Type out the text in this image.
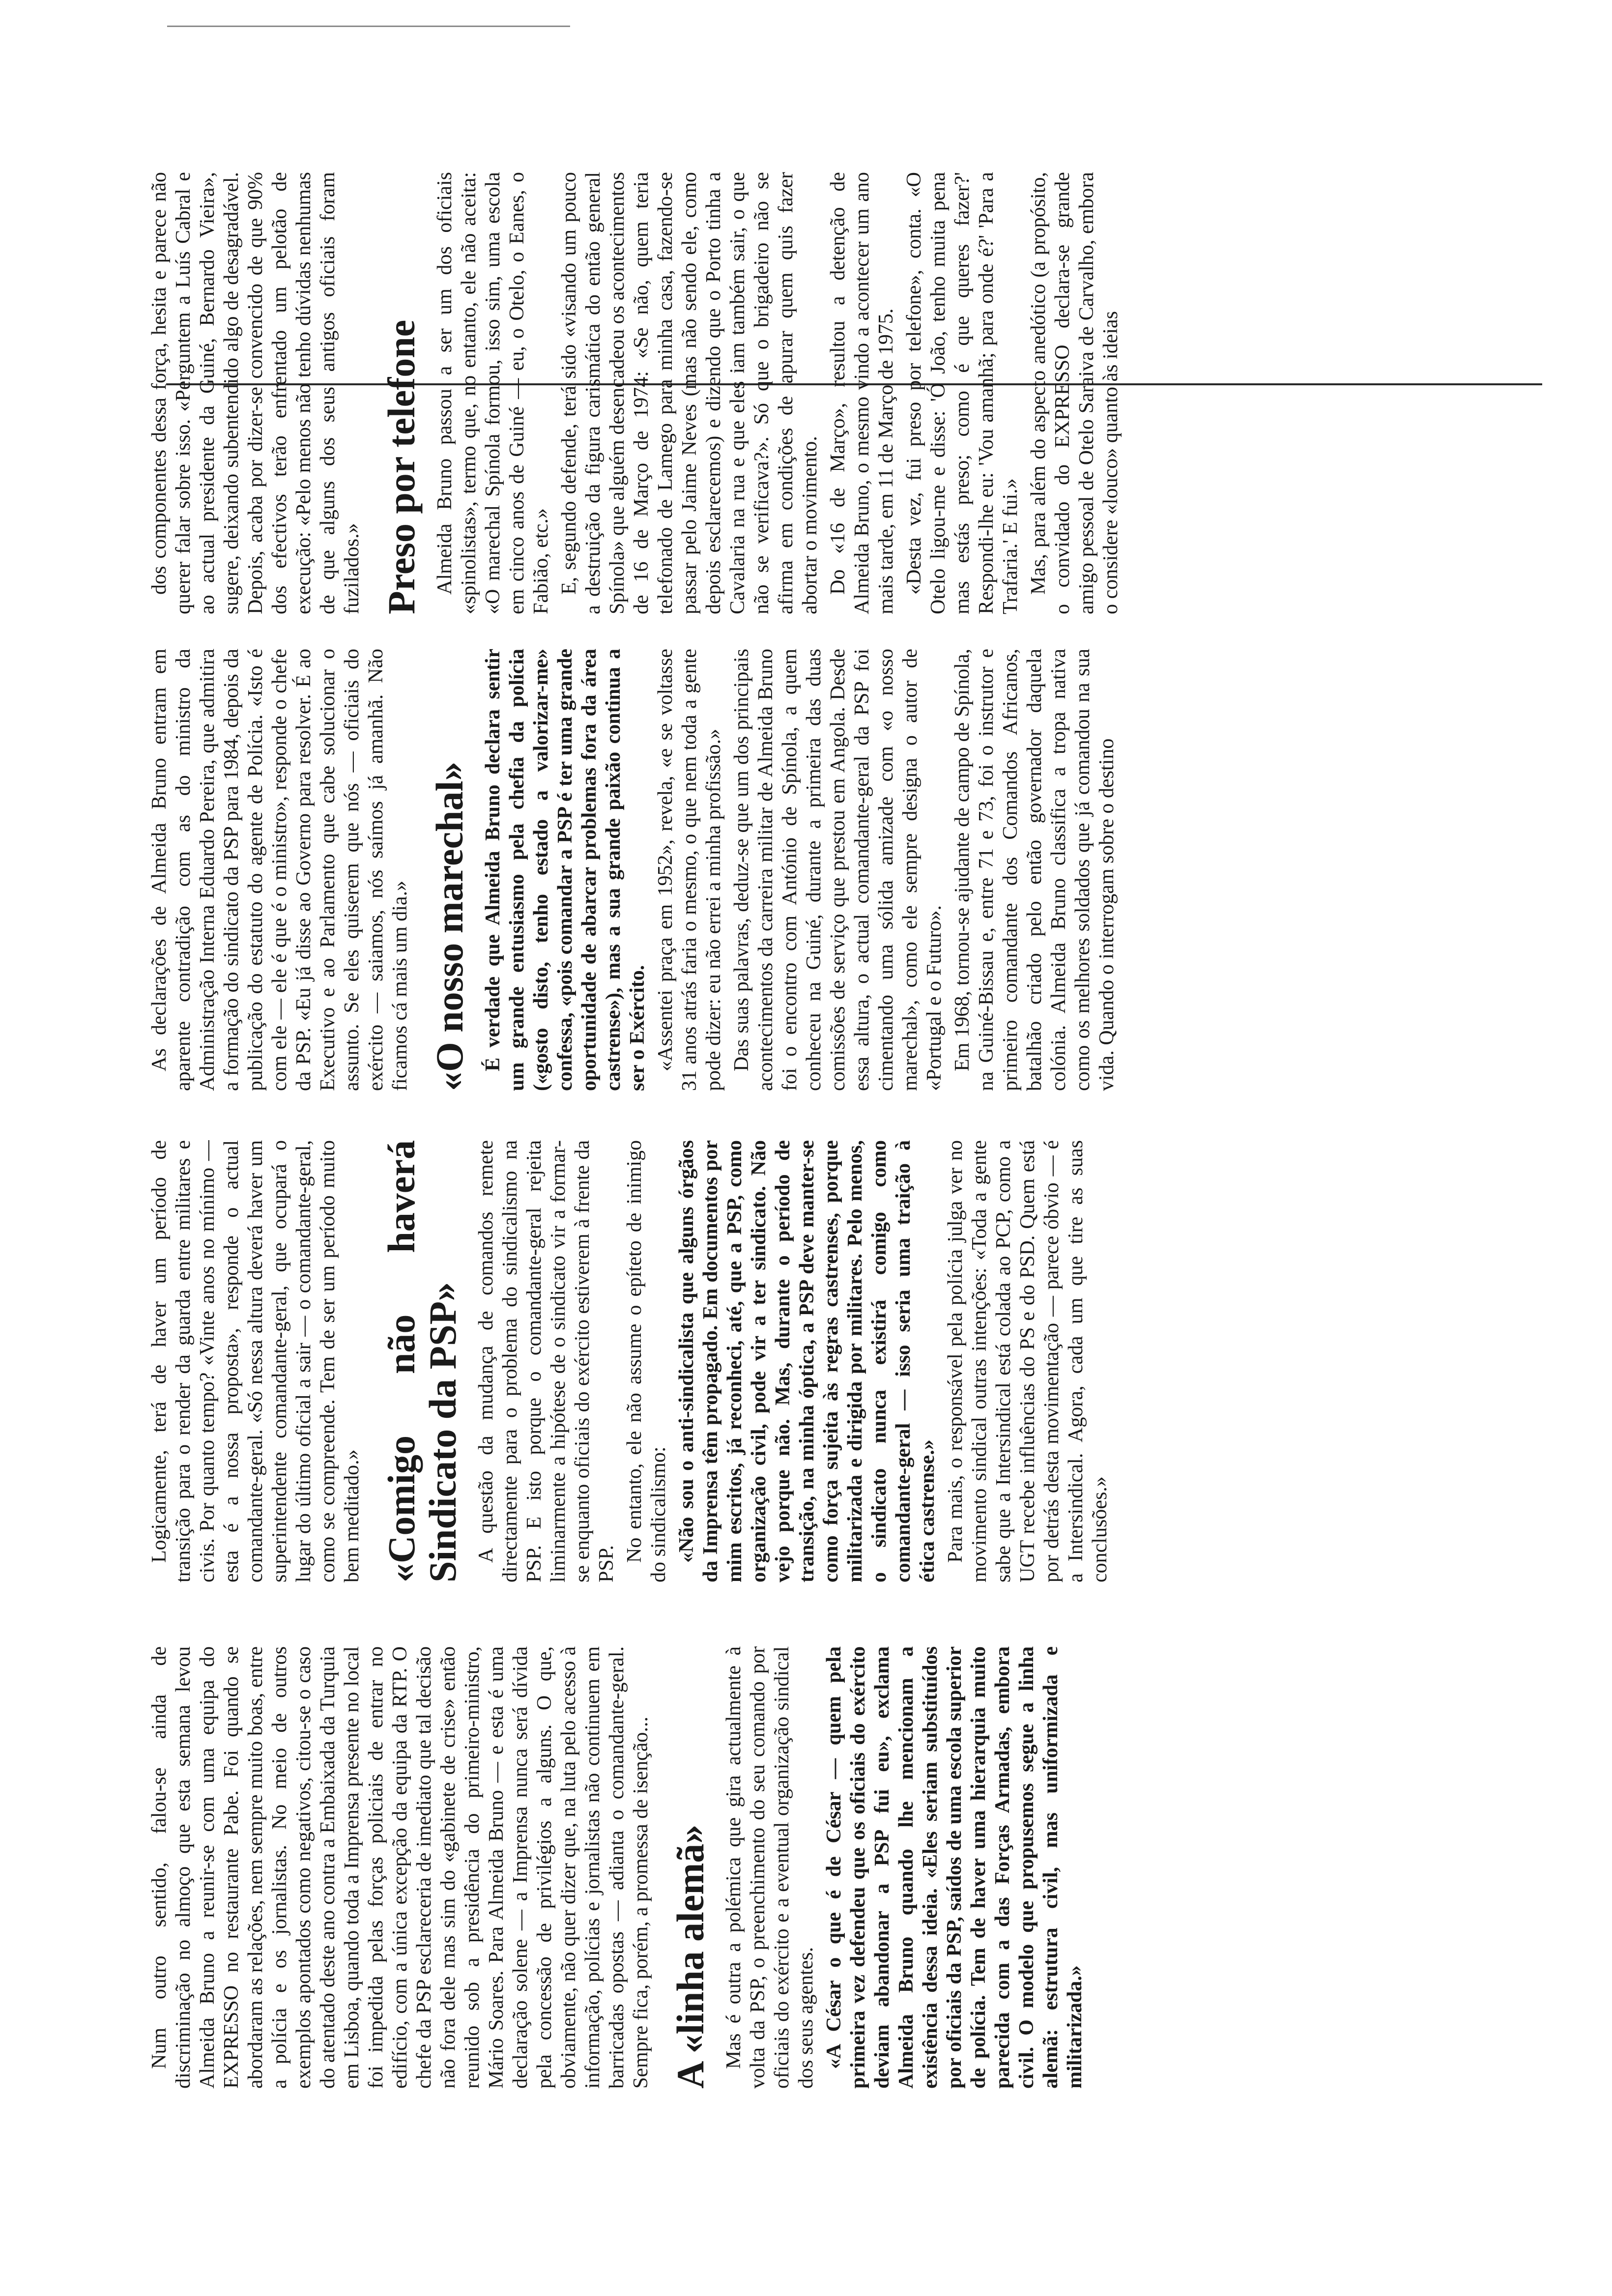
Num outro sentido, falou-se ainda de discriminação no almoço que esta semana levou Almeida Bruno a reunir-se com uma equipa do EXPRESSO no restaurante Pabe. Foi quando se abordaram as relações, nem sempre muito boas, entre a polícia e os jornalistas. No meio de outros exemplos apontados como negativos, citou-se o caso do atentado deste ano contra a Embaixada da Turquia em Lisboa, quando toda a Imprensa presente no local foi impedida pelas forças policiais de entrar no edifício, com a única excepção da equipa da RTP. O chefe da PSP esclareceria de imediato que tal decisão não fora dele mas sim do «gabinete de crise» então reunido sob a presidência do primeiro-ministro, Mário Soares. Para Almeida Bruno — e esta é uma declaração solene — a Imprensa nunca será dívida pela concessão de privilégios a alguns. O que, obviamente, não quer dizer que, na luta pelo acesso à informação, polícias e jornalistas não continuem em barricadas opostas — adianta o comandante-geral. Sempre fica, porém, a promessa de isenção... A «linha alemã» Mas é outra a polémica que gira actualmente à volta da PSP, o preenchimento do seu comando por oficiais do exército e a eventual organização sindical dos seus agentes. «A César o que é de César — quem pela primeira vez defendeu que os oficiais do exército deviam abandonar a PSP fui eu», exclama Almeida Bruno quando lhe mencionam a existência dessa ideia. «Eles seriam substituídos por oficiais da PSP, saídos de uma escola superior de polícia. Tem de haver uma hierarquia muito parecida com a das Forças Armadas, embora civil. O modelo que propusemos segue a linha alemã: estrutura civil, mas uniformizada e militarizada.»

Logicamente, terá de haver um período de transição para o render da guarda entre militares e civis. Por quanto tempo? «Vinte anos no mínimo — esta é a nossa proposta», responde o actual comandante-geral. «Só nessa altura deverá haver um superintendente comandante-geral, que ocupará o lugar do último oficial a sair — o comandante-geral, como se compreende. Tem de ser um período muito bem meditado.» «Comigo não haverá Sindicato da PSP» A questão da mudança de comandos remete directamente para o problema do sindicalismo na PSP. E isto porque o comandante-geral rejeita liminarmente a hipótese de o sindicato vir a formar-se enquanto oficiais do exército estiverem à frente da PSP.

No entanto, ele não assume o epíteto de inimigo do sindicalismo: «Não sou o anti-sindicalista que alguns órgãos da Imprensa têm propagado. Em documentos por mim escritos, já reconheci, até, que a PSP, como organização civil, pode vir a ter sindicato. Não vejo porque não. Mas, durante o período de transição, na minha óptica, a PSP deve manter-se como força sujeita às regras castrenses, porque militarizada e dirigida por militares. Pelo menos, o sindicato nunca existirá comigo como comandante-geral — isso seria uma traição à ética castrense.» Para mais, o responsável pela polícia julga ver no movimento sindical outras intenções: «Toda a gente sabe que a Intersindical está colada ao PCP, como a UGT recebe influências do PS e do PSD. Quem está por detrás desta movimentação — parece óbvio — é a Intersindical. Agora, cada um que tire as suas conclusões.»

As declarações de Almeida Bruno entram em aparente contradição com as do ministro da Administração Interna Eduardo Pereira, que admitira a formação do sindicato da PSP para 1984, depois da publicação do estatuto do agente de Polícia. «Isto é com ele — ele é que é o ministro», responde o chefe da PSP. «Eu já disse ao Governo para resolver. É ao Executivo e ao Parlamento que cabe solucionar o assunto. Se eles quiserem que nós — oficiais do exército — saiamos, nós saímos já amanhã. Não ficamos cá mais um dia.» «O nosso marechal» É verdade que Almeida Bruno declara sentir um grande entusiasmo pela chefia da polícia («gosto disto, tenho estado a valorizar-me» confessa, «pois comandar a PSP é ter uma grande oportunidade de abarcar problemas fora da área castrense»), mas a sua grande paixão continua a ser o Exército. «Assentei praça em 1952», revela, «e se voltasse 31 anos atrás faria o mesmo, o que nem toda a gente pode dizer: eu não errei a minha profissão.» Das suas palavras, deduz-se que um dos principais acontecimentos da carreira militar de Almeida Bruno foi o encontro com António de Spínola, a quem conheceu na Guiné, durante a primeira das duas comissões de serviço que prestou em Angola. Desde essa altura, o actual comandante-geral da PSP foi cimentando uma sólida amizade com «o nosso marechal», como ele sempre designa o autor de «Portugal e o Futuro». Em 1968, tornou-se ajudante de campo de Spínola, na Guiné-Bissau e, entre 71 e 73, foi o instrutor e primeiro comandante dos Comandos Africanos, batalhão criado pelo então governador daquela colónia. Almeida Bruno classifica a tropa nativa como os melhores soldados que já comandou na sua vida. Quando o interrogam sobre o destino

dos componentes dessa força, hesita e parece não querer falar sobre isso. «Perguntem a Luís Cabral e ao actual presidente da Guiné, Bernardo Vieira», sugere, deixando subentendido algo de desagradável. Depois, acaba por dizer-se convencido de que 90% dos efectivos terão enfrentado um pelotão de execução: «Pelo menos não tenho dúvidas nenhumas de que alguns dos seus antigos oficiais foram fuzilados.» Preso por telefone Almeida Bruno passou a ser um dos oficiais «spinolistas», termo que, no entanto, ele não aceita: «O marechal Spínola formou, isso sim, uma escola em cinco anos de Guiné — eu, o Otelo, o Eanes, o Fabião, etc.» E, segundo defende, terá sido «visando um pouco a destruição da figura carismática do então general Spínola» que alguém desencadeou os acontecimentos de 16 de Março de 1974: «Se não, quem teria telefonado de Lamego para minha casa, fazendo-se passar pelo Jaime Neves (mas não sendo ele, como depois esclarecemos) e dizendo que o Porto tinha a Cavalaria na rua e que eles iam também sair, o que não se verificava?». Só que o brigadeiro não se afirma em condições de apurar quem quis fazer abortar o movimento. Do «16 de Março», resultou a detenção de Almeida Bruno, o mesmo vindo a acontecer um ano mais tarde, em 11 de Março de 1975. «Desta vez, fui preso por telefone», conta. «O Otelo ligou-me e disse: 'Ó João, tenho muita pena mas estás preso; como é que queres fazer?' Respondi-lhe eu: 'Vou amanhã; para onde é?' 'Para a Trafaria.' E fui.» Mas, para além do aspecto anedótico (a propósito, o convidado do EXPRESSO declara-se grande amigo pessoal de Otelo Saraiva de Carvalho, embora o considere «louco» quanto às ideias
